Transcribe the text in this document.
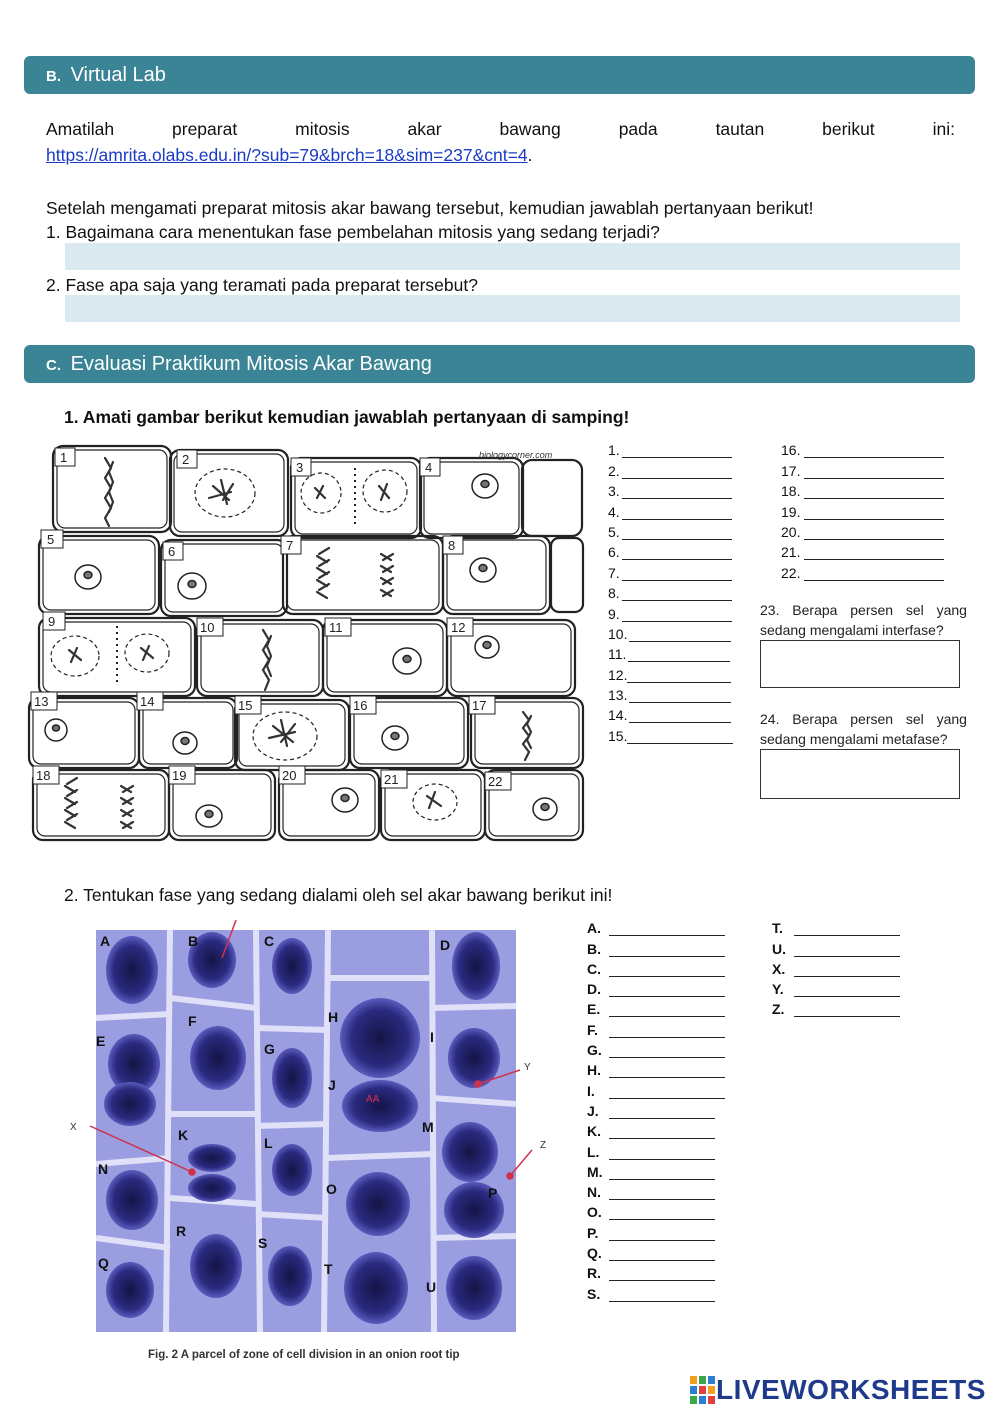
B. Virtual Lab
Amatilah	preparat	mitosis	akar	bawang	pada	tautan	berikut	ini:
https://amrita.olabs.edu.in/?sub=79&brch=18&sim=237&cnt=4.
Setelah mengamati preparat mitosis akar bawang tersebut, kemudian jawablah pertanyaan berikut!
1. Bagaimana cara menentukan fase pembelahan mitosis yang sedang terjadi?
2. Fase apa saja yang teramati pada preparat tersebut?
C. Evaluasi Praktikum Mitosis Akar Bawang
1. Amati gambar berikut kemudian jawablah pertanyaan di samping!
1	2
3	4
5
6	7	8
9	10	11	12
13	14	15	16	17
18	19	20	21	22
biologycorner.com	1.
2.
3.
4.
5.
6.
7.
8.
9.
10.
11.
12.
13.
14.
15.
16.
17.
18.
19.
20.
21.
22.
23. Berapa persen sel yang
sedang mengalami interfase?
24. Berapa persen sel yang
sedang mengalami metafase?
2. Tentukan fase yang sedang dialami oleh sel akar bawang berikut ini!
AA
A	B	C	D
E
F
G
H
I
J
K	L
M
N
O	P
Q
R
S
T
U
X
Y
Z
Fig. 2 A parcel of zone of cell division in an onion root tip
A.
B.
C.
D.
E.
F.
G.
H.
I.
J.
K.
L.
M.
N.
O.
P.
Q.
R.
S.
T.
U.
X.
Y.
Z.
LIVEWORKSHEETS
